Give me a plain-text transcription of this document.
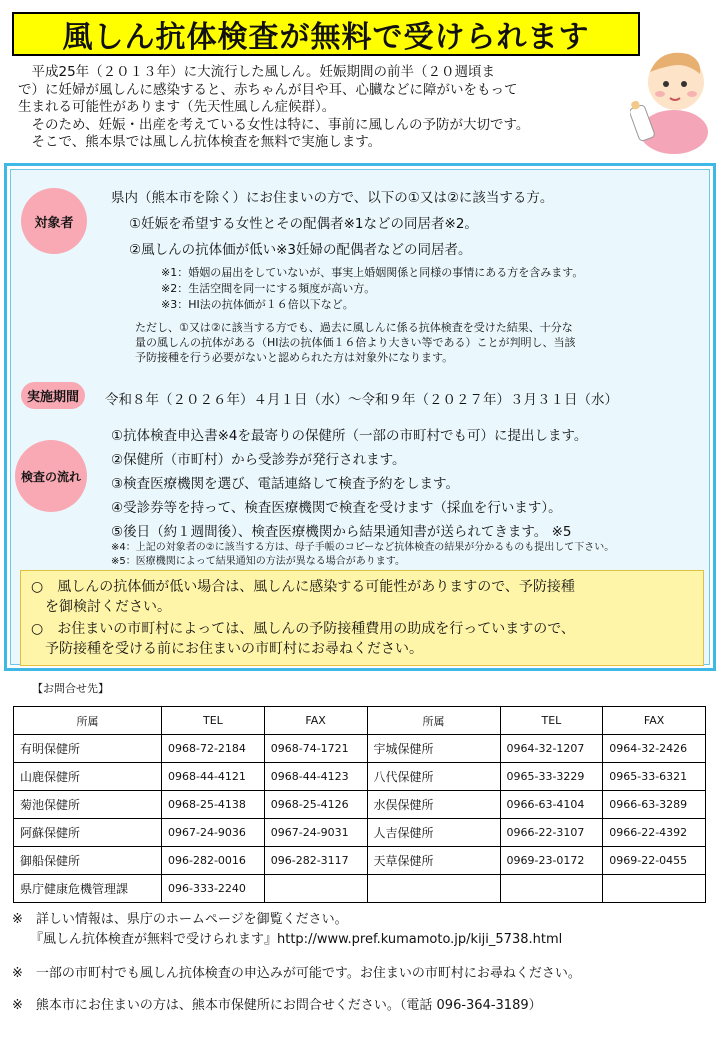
風しん抗体検査が無料で受けられます

平成25年（２０１３年）に大流行した風しん。妊娠期間の前半（２０週頃ま

で）に妊婦が風しんに感染すると、赤ちゃんが目や耳、心臓などに障がいをもって

生まれる可能性があります（先天性風しん症候群）。

そのため、妊娠・出産を考えている女性は特に、事前に風しんの予防が大切です。

そこで、熊本県では風しん抗体検査を無料で実施します。

対象者
県内（熊本市を除く）にお住まいの方で、以下の①又は②に該当する方。
①妊娠を希望する女性とその配偶者※1などの同居者※2。
②風しんの抗体価が低い※3妊婦の配偶者などの同居者。
※1：婚姻の届出をしていないが、事実上婚姻関係と同様の事情にある方を含みます。
※2：生活空間を同一にする頻度が高い方。
※3：HI法の抗体価が１６倍以下など。
ただし、①又は②に該当する方でも、過去に風しんに係る抗体検査を受けた結果、十分な
量の風しんの抗体がある（HI法の抗体価１６倍より大きい等である）ことが判明し、当該
予防接種を行う必要がないと認められた方は対象外になります。
実施期間	令和８年（２０２６年）４月１日（水）～令和９年（２０２７年）３月３１日（水）
検査の流れ
①抗体検査申込書※4を最寄りの保健所（一部の市町村でも可）に提出します。
②保健所（市町村）から受診券が発行されます。
③検査医療機関を選び、電話連絡して検査予約をします。
④受診券等を持って、検査医療機関で検査を受けます（採血を行います）。
⑤後日（約１週間後）、検査医療機関から結果通知書が送られてきます。 ※5
※4：上記の対象者の②に該当する方は、母子手帳のコピーなど抗体検査の結果が分かるものも提出して下さい。
※5：医療機関によって結果通知の方法が異なる場合があります。

○　風しんの抗体価が低い場合は、風しんに感染する可能性がありますので、予防接種

　を御検討ください。

○　お住まいの市町村によっては、風しんの予防接種費用の助成を行っていますので、

　予防接種を受ける前にお住まいの市町村にお尋ねください。

【お問合せ先】
所属	TEL	FAX	所属	TEL	FAX
有明保健所	0968-72-2184	0968-74-1721	宇城保健所	0964-32-1207	0964-32-2426
山鹿保健所	0968-44-4121	0968-44-4123	八代保健所	0965-33-3229	0965-33-6321
菊池保健所	0968-25-4138	0968-25-4126	水俣保健所	0966-63-4104	0966-63-3289
阿蘇保健所	0967-24-9036	0967-24-9031	人吉保健所	0966-22-3107	0966-22-4392
御船保健所	096-282-0016	096-282-3117	天草保健所	0969-23-0172	0969-22-0455
県庁健康危機管理課	096-333-2240				
※　詳しい情報は、県庁のホームページを御覧ください。
『風しん抗体検査が無料で受けられます』http://www.pref.kumamoto.jp/kiji_5738.html
※　一部の市町村でも風しん抗体検査の申込みが可能です。お住まいの市町村にお尋ねください。
※　熊本市にお住まいの方は、熊本市保健所にお問合せください。（電話 096-364-3189）
